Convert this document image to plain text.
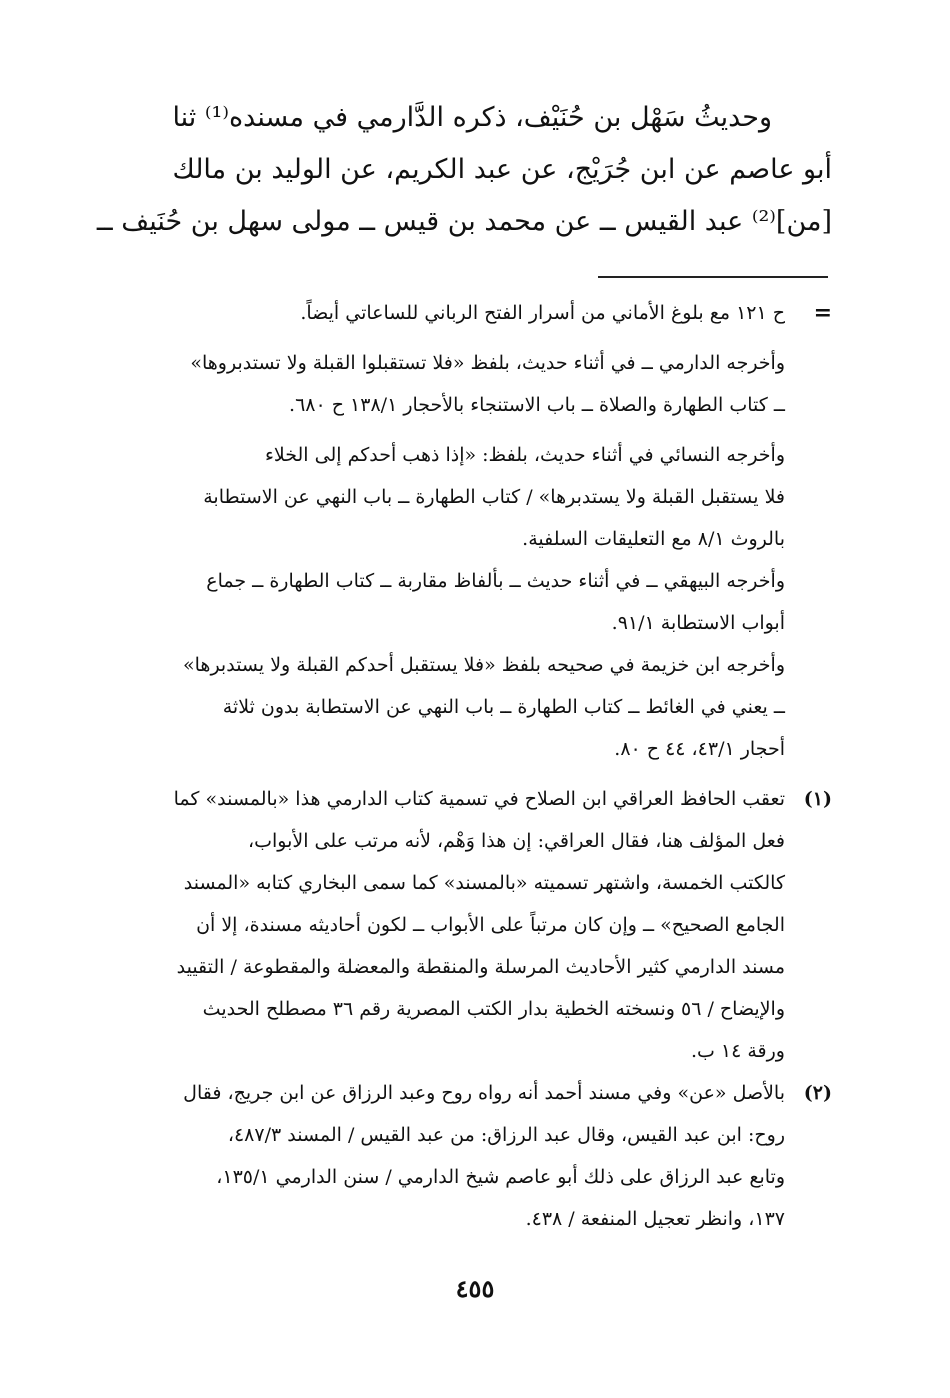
وحديثُ سَهْل بن حُنَيْف، ذكره الدَّارمي في مسنده⁽¹⁾ ثنا

أبو عاصم عن ابن جُرَيْج، عن عبد الكريم، عن الوليد بن مالك

[من]⁽²⁾ عبد القيس ــ عن محمد بن قيس ــ مولى سهل بن حُنَيف ــ

=

ح ١٢١ مع بلوغ الأماني من أسرار الفتح الرباني للساعاتي أيضاً.

وأخرجه الدارمي ــ في أثناء حديث، بلفظ «فلا تستقبلوا القبلة ولا تستدبروها»

ــ كتاب الطهارة والصلاة ــ باب الاستنجاء بالأحجار ١٣٨/١ ح ٦٨٠.

وأخرجه النسائي في أثناء حديث، بلفظ: «إذا ذهب أحدكم إلى الخلاء

فلا يستقبل القبلة ولا يستدبرها» / كتاب الطهارة ــ باب النهي عن الاستطابة

بالروث ٨/١ مع التعليقات السلفية.

وأخرجه البيهقي ــ في أثناء حديث ــ بألفاظ مقاربة ــ كتاب الطهارة ــ جماع

أبواب الاستطابة ٩١/١.

وأخرجه ابن خزيمة في صحيحه بلفظ «فلا يستقبل أحدكم القبلة ولا يستدبرها»

ــ يعني في الغائط ــ كتاب الطهارة ــ باب النهي عن الاستطابة بدون ثلاثة

أحجار ٤٣/١، ٤٤ ح ٨٠.

(١)

تعقب الحافظ العراقي ابن الصلاح في تسمية كتاب الدارمي هذا «بالمسند» كما

فعل المؤلف هنا، فقال العراقي: إن هذا وَهْم، لأنه مرتب على الأبواب،

كالكتب الخمسة، واشتهر تسميته «بالمسند» كما سمى البخاري كتابه «المسند

الجامع الصحيح» ــ وإن كان مرتباً على الأبواب ــ لكون أحاديثه مسندة، إلا أن

مسند الدارمي كثير الأحاديث المرسلة والمنقطة والمعضلة والمقطوعة / التقييد

والإيضاح / ٥٦ ونسخته الخطية بدار الكتب المصرية رقم ٣٦ مصطلح الحديث

ورقة ١٤ ب.

(٢)

بالأصل «عن» وفي مسند أحمد أنه رواه روح وعبد الرزاق عن ابن جريج، فقال

روح: ابن عبد القيس، وقال عبد الرزاق: من عبد القيس / المسند ٤٨٧/٣،

وتابع عبد الرزاق على ذلك أبو عاصم شيخ الدارمي / سنن الدارمي ١٣٥/١،

١٣٧، وانظر تعجيل المنفعة / ٤٣٨.

٤٥٥
